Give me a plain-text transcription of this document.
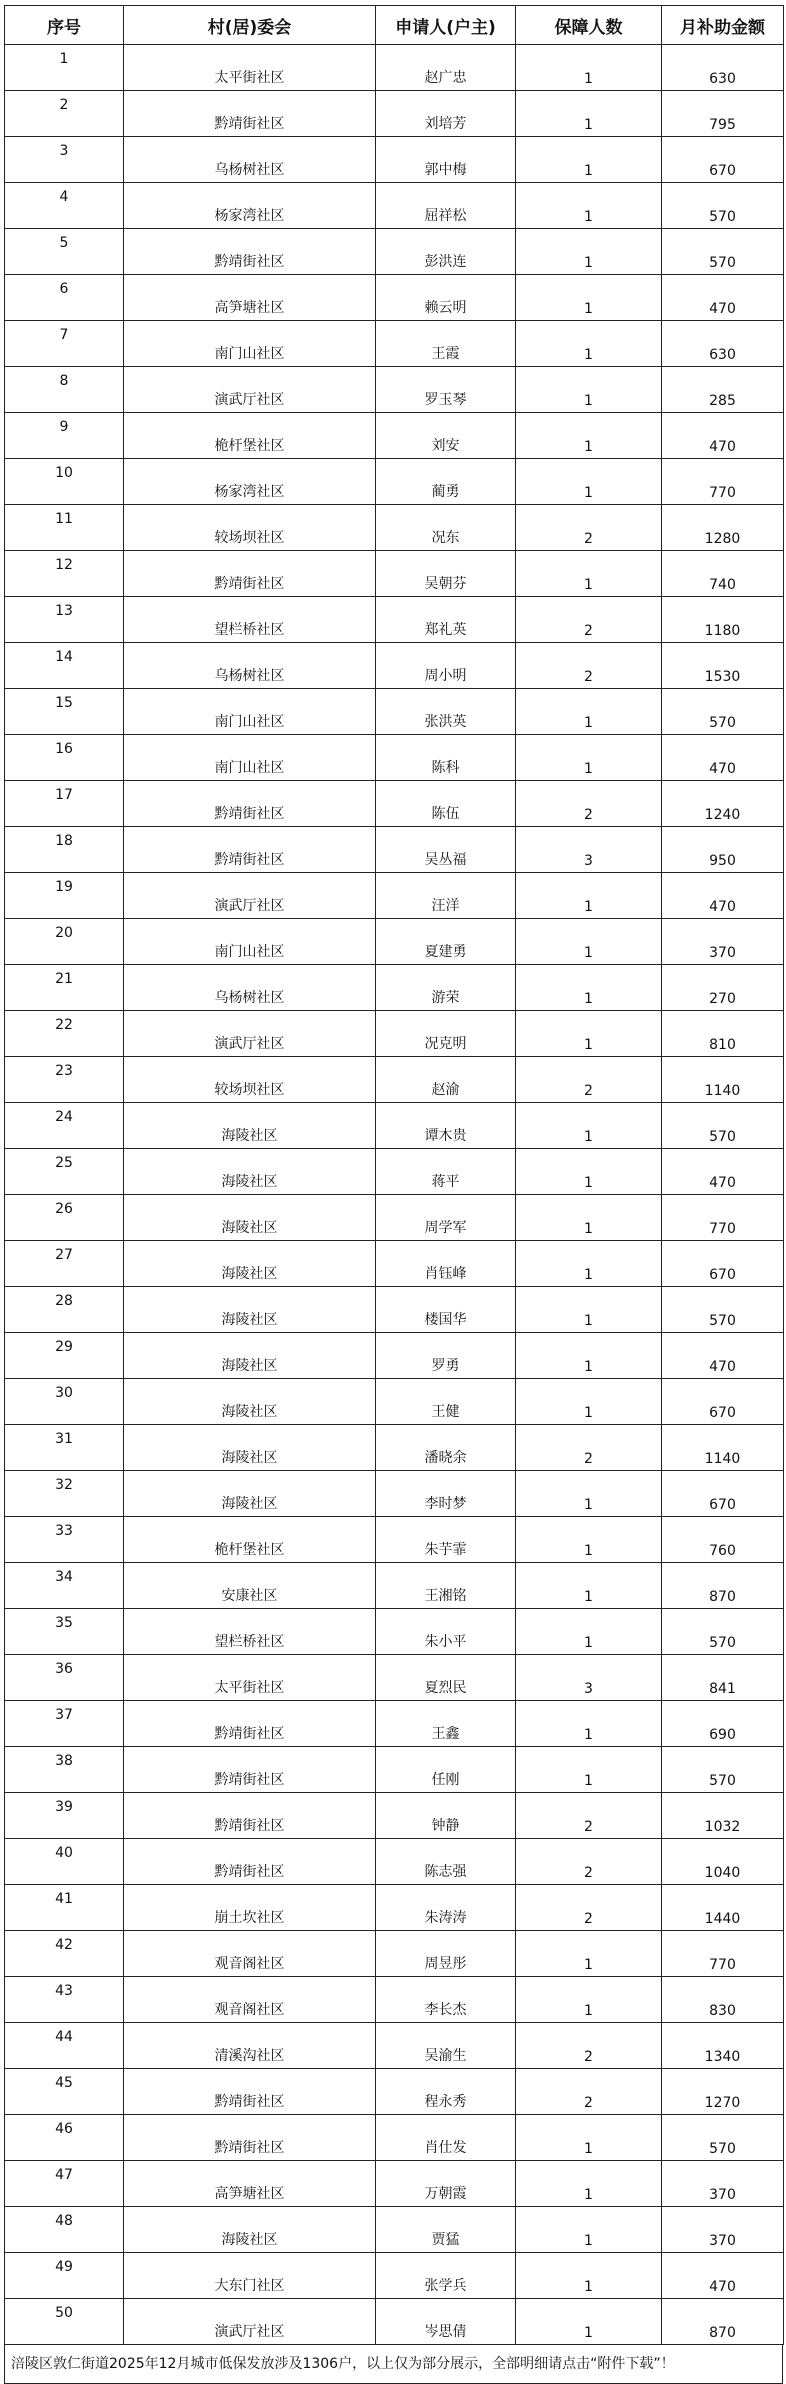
序号	村(居)委会	申请人(户主)	保障人数	月补助金额
1	太平街社区	赵广忠	1	630
2	黔靖街社区	刘培芳	1	795
3	乌杨树社区	郭中梅	1	670
4	杨家湾社区	屈祥松	1	570
5	黔靖街社区	彭洪连	1	570
6	高笋塘社区	赖云明	1	470
7	南门山社区	王霞	1	630
8	演武厅社区	罗玉琴	1	285
9	桅杆堡社区	刘安	1	470
10	杨家湾社区	蔺勇	1	770
11	较场坝社区	况东	2	1280
12	黔靖街社区	吴朝芬	1	740
13	望栏桥社区	郑礼英	2	1180
14	乌杨树社区	周小明	2	1530
15	南门山社区	张洪英	1	570
16	南门山社区	陈科	1	470
17	黔靖街社区	陈伍	2	1240
18	黔靖街社区	吴丛福	3	950
19	演武厅社区	汪洋	1	470
20	南门山社区	夏建勇	1	370
21	乌杨树社区	游荣	1	270
22	演武厅社区	况克明	1	810
23	较场坝社区	赵渝	2	1140
24	海陵社区	谭木贵	1	570
25	海陵社区	蒋平	1	470
26	海陵社区	周学军	1	770
27	海陵社区	肖钰峰	1	670
28	海陵社区	楼国华	1	570
29	海陵社区	罗勇	1	470
30	海陵社区	王健	1	670
31	海陵社区	潘晓余	2	1140
32	海陵社区	李时梦	1	670
33	桅杆堡社区	朱芋霏	1	760
34	安康社区	王湘铭	1	870
35	望栏桥社区	朱小平	1	570
36	太平街社区	夏烈民	3	841
37	黔靖街社区	王鑫	1	690
38	黔靖街社区	任刚	1	570
39	黔靖街社区	钟静	2	1032
40	黔靖街社区	陈志强	2	1040
41	崩土坎社区	朱涛涛	2	1440
42	观音阁社区	周昱彤	1	770
43	观音阁社区	李长杰	1	830
44	清溪沟社区	吴渝生	2	1340
45	黔靖街社区	程永秀	2	1270
46	黔靖街社区	肖仕发	1	570
47	高笋塘社区	万朝霞	1	370
48	海陵社区	贾猛	1	370
49	大东门社区	张学兵	1	470
50	演武厅社区	岑思倩	1	870
涪陵区敦仁街道2025年12月城市低保发放涉及1306户，以上仅为部分展示，全部明细请点击“附件下载”！
